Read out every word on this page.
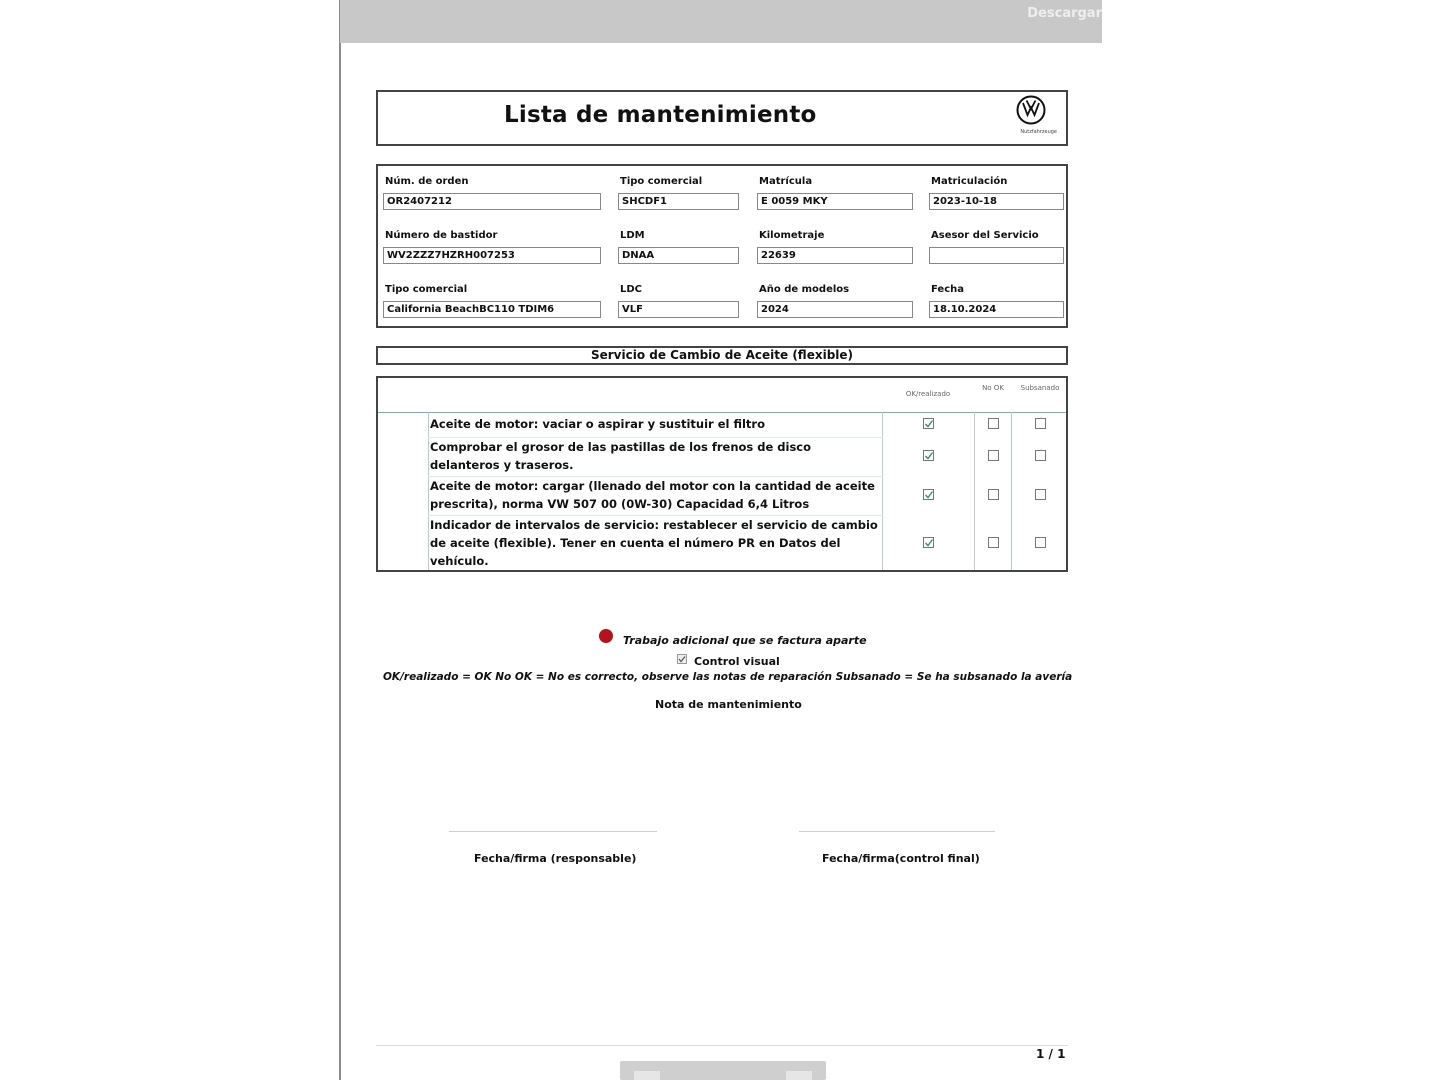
Descargar
Lista de mantenimiento
Nutzfahrzeuge
Núm. de orden
OR2407212
Tipo comercial
SHCDF1
Matrícula
E 0059 MKY
Matriculación
2023-10-18
Número de bastidor
WV2ZZZ7HZRH007253
LDM
DNAA
Kilometraje
22639
Asesor del Servicio
Tipo comercial
California BeachBC110 TDIM6
LDC
VLF
Año de modelos
2024
Fecha
18.10.2024
Servicio de Cambio de Aceite (flexible)
OK/realizado
No OK	Subsanado
Aceite de motor: vaciar o aspirar y sustituir el filtro
Comprobar el grosor de las pastillas de los frenos de disco delanteros y traseros.
Aceite de motor: cargar (llenado del motor con la cantidad de aceite prescrita), norma VW 507 00 (0W-30) Capacidad 6,4 Litros
Indicador de intervalos de servicio: restablecer el servicio de cambio de aceite (flexible). Tener en cuenta el número PR en Datos del vehículo.
Trabajo adicional que se factura aparte
Control visual
OK/realizado = OK No OK = No es correcto, observe las notas de reparación Subsanado = Se ha subsanado la avería
Nota de mantenimiento
Fecha/firma (responsable)	Fecha/firma(control final)
1 / 1
